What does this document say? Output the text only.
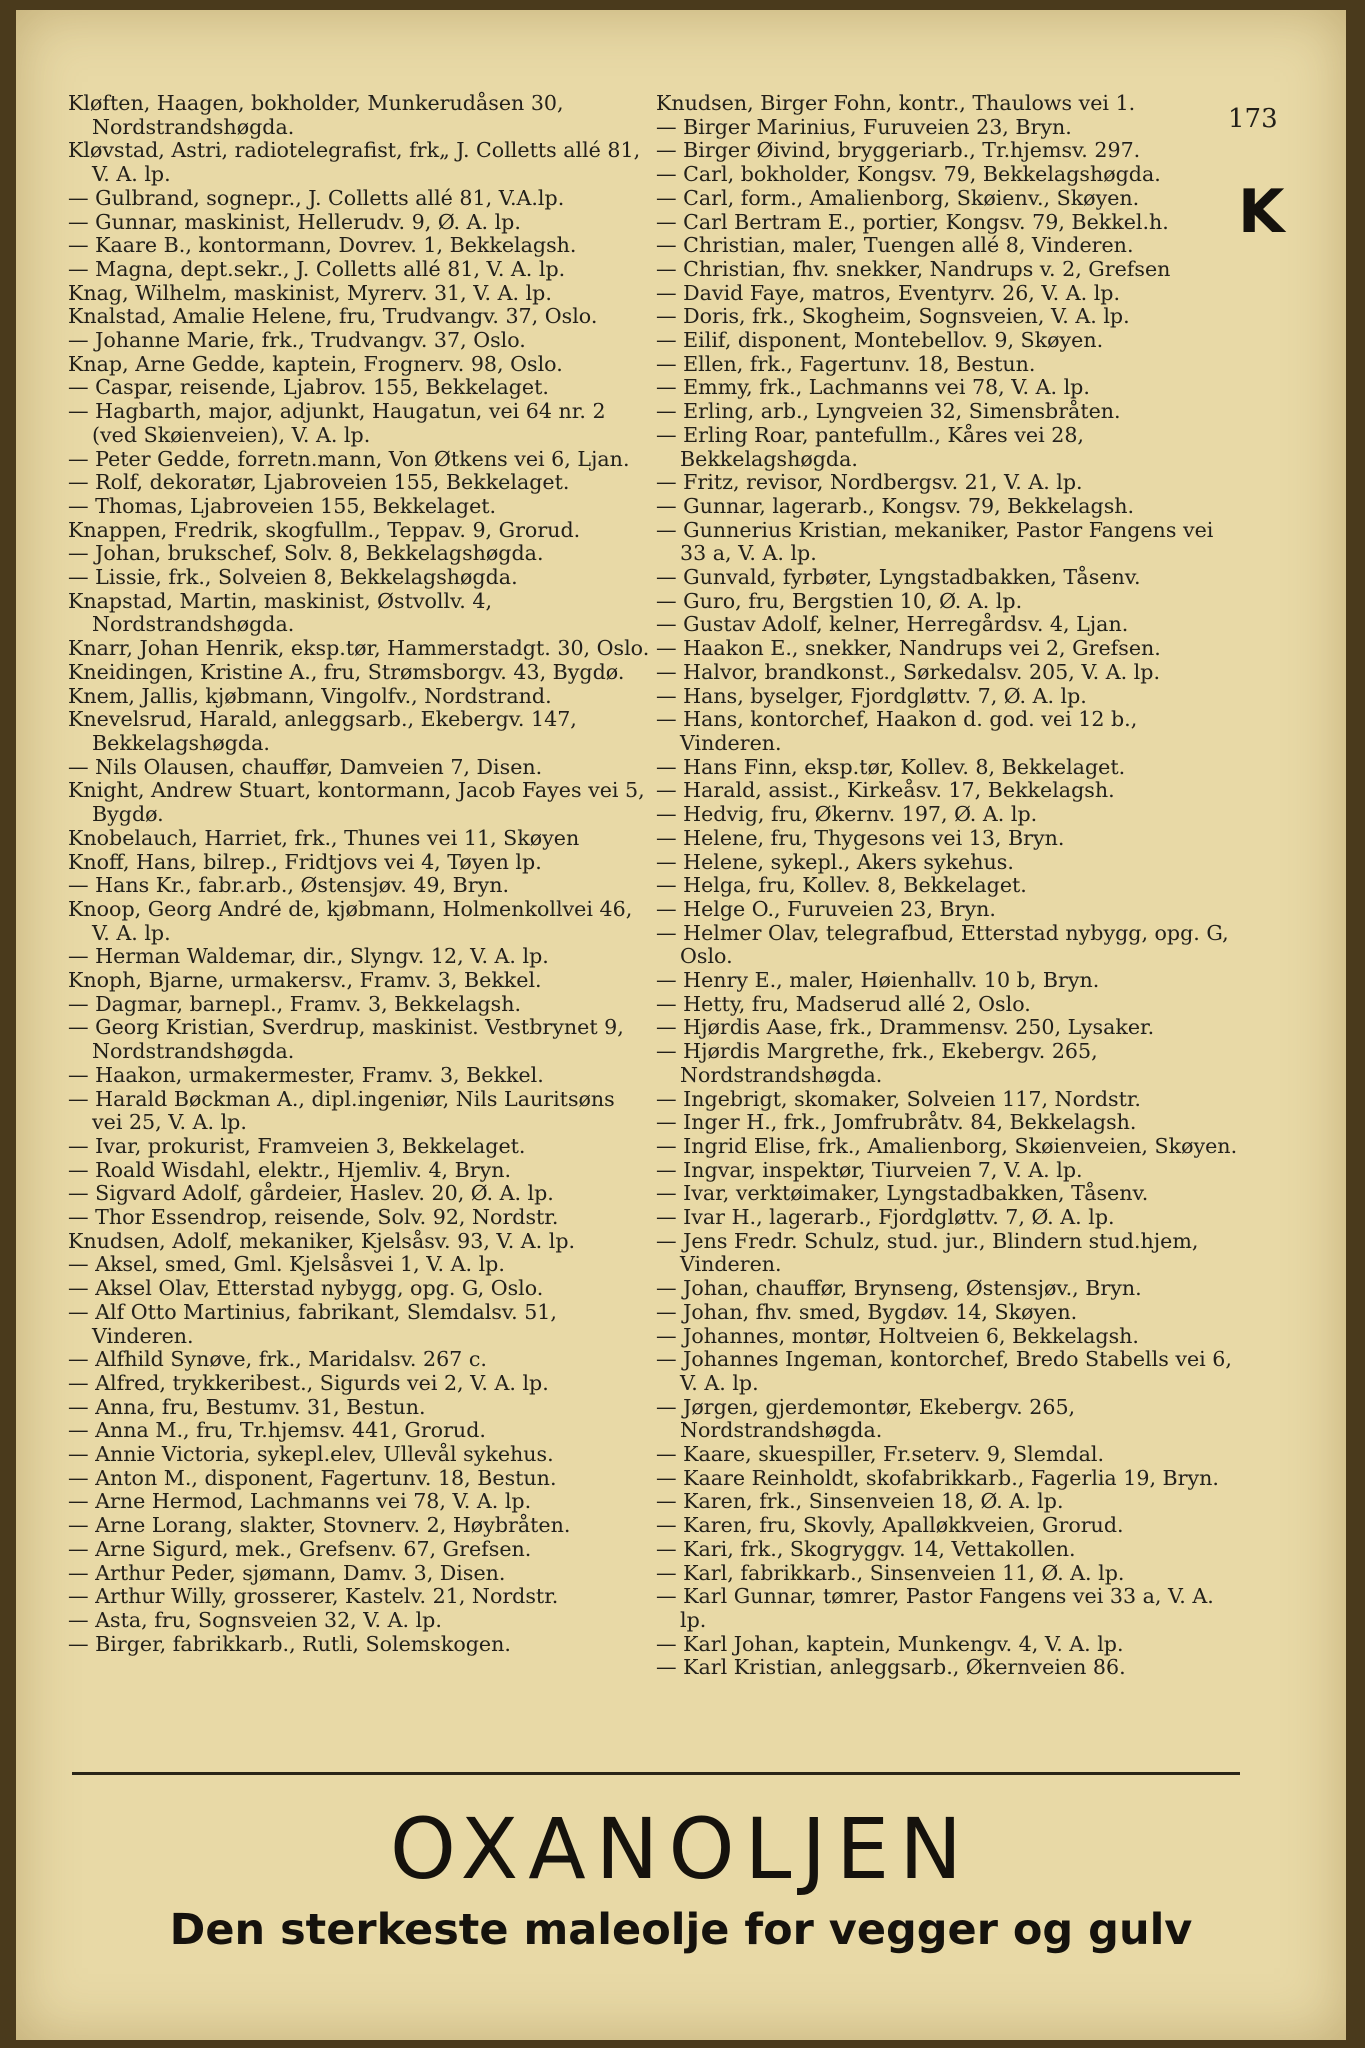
Kløften, Haagen, bokholder, Munkerudåsen 30, Nordstrandshøgda.

Kløvstad, Astri, radiotelegrafist, frk„ J. Colletts allé 81, V. A. lp.

— Gulbrand, sognepr., J. Colletts allé 81, V.A.lp.

— Gunnar, maskinist, Hellerudv. 9, Ø. A. lp.

— Kaare B., kontormann, Dovrev. 1, Bekkelagsh.

— Magna, dept.sekr., J. Colletts allé 81, V. A. lp.

Knag, Wilhelm, maskinist, Myrerv. 31, V. A. lp.

Knalstad, Amalie Helene, fru, Trudvangv. 37, Oslo.

— Johanne Marie, frk., Trudvangv. 37, Oslo.

Knap, Arne Gedde, kaptein, Frognerv. 98, Oslo.

— Caspar, reisende, Ljabrov. 155, Bekkelaget.

— Hagbarth, major, adjunkt, Haugatun, vei 64 nr. 2 (ved Skøienveien), V. A. lp.

— Peter Gedde, forretn.mann, Von Øtkens vei 6, Ljan.

— Rolf, dekoratør, Ljabroveien 155, Bekkelaget.

— Thomas, Ljabroveien 155, Bekkelaget.

Knappen, Fredrik, skogfullm., Teppav. 9, Grorud.

— Johan, brukschef, Solv. 8, Bekkelagshøgda.

— Lissie, frk., Solveien 8, Bekkelagshøgda.

Knapstad, Martin, maskinist, Østvollv. 4, Nordstrandshøgda.

Knarr, Johan Henrik, eksp.tør, Hammerstadgt. 30, Oslo.

Kneidingen, Kristine A., fru, Strømsborgv. 43, Bygdø.

Knem, Jallis, kjøbmann, Vingolfv., Nordstrand.

Knevelsrud, Harald, anleggsarb., Ekebergv. 147, Bekkelagshøgda.

— Nils Olausen, chauffør, Damveien 7, Disen.

Knight, Andrew Stuart, kontormann, Jacob Fayes vei 5, Bygdø.

Knobelauch, Harriet, frk., Thunes vei 11, Skøyen

Knoff, Hans, bilrep., Fridtjovs vei 4, Tøyen lp.

— Hans Kr., fabr.arb., Østensjøv. 49, Bryn.

Knoop, Georg André de, kjøbmann, Holmenkollvei 46, V. A. lp.

— Herman Waldemar, dir., Slyngv. 12, V. A. lp.

Knoph, Bjarne, urmakersv., Framv. 3, Bekkel.

— Dagmar, barnepl., Framv. 3, Bekkelagsh.

— Georg Kristian, Sverdrup, maskinist. Vestbrynet 9, Nordstrandshøgda.

— Haakon, urmakermester, Framv. 3, Bekkel.

— Harald Bøckman A., dipl.ingeniør, Nils Lauritsøns vei 25, V. A. lp.

— Ivar, prokurist, Framveien 3, Bekkelaget.

— Roald Wisdahl, elektr., Hjemliv. 4, Bryn.

— Sigvard Adolf, gårdeier, Haslev. 20, Ø. A. lp.

— Thor Essendrop, reisende, Solv. 92, Nordstr.

Knudsen, Adolf, mekaniker, Kjelsåsv. 93, V. A. lp.

— Aksel, smed, Gml. Kjelsåsvei 1, V. A. lp.

— Aksel Olav, Etterstad nybygg, opg. G, Oslo.

— Alf Otto Martinius, fabrikant, Slemdalsv. 51, Vinderen.

— Alfhild Synøve, frk., Maridalsv. 267 c.

— Alfred, trykkeribest., Sigurds vei 2, V. A. lp.

— Anna, fru, Bestumv. 31, Bestun.

— Anna M., fru, Tr.hjemsv. 441, Grorud.

— Annie Victoria, sykepl.elev, Ullevål sykehus.

— Anton M., disponent, Fagertunv. 18, Bestun.

— Arne Hermod, Lachmanns vei 78, V. A. lp.

— Arne Lorang, slakter, Stovnerv. 2, Høybråten.

— Arne Sigurd, mek., Grefsenv. 67, Grefsen.

— Arthur Peder, sjømann, Damv. 3, Disen.

— Arthur Willy, grosserer, Kastelv. 21, Nordstr.

— Asta, fru, Sognsveien 32, V. A. lp.

— Birger, fabrikkarb., Rutli, Solemskogen.

Knudsen, Birger Fohn, kontr., Thaulows vei 1.

— Birger Marinius, Furuveien 23, Bryn.

— Birger Øivind, bryggeriarb., Tr.hjemsv. 297.

— Carl, bokholder, Kongsv. 79, Bekkelagshøgda.

— Carl, form., Amalienborg, Skøienv., Skøyen.

— Carl Bertram E., portier, Kongsv. 79, Bekkel.h.

— Christian, maler, Tuengen allé 8, Vinderen.

— Christian, fhv. snekker, Nandrups v. 2, Grefsen

— David Faye, matros, Eventyrv. 26, V. A. lp.

— Doris, frk., Skogheim, Sognsveien, V. A. lp.

— Eilif, disponent, Montebellov. 9, Skøyen.

— Ellen, frk., Fagertunv. 18, Bestun.

— Emmy, frk., Lachmanns vei 78, V. A. lp.

— Erling, arb., Lyngveien 32, Simensbråten.

— Erling Roar, pantefullm., Kåres vei 28, Bekkelagshøgda.

— Fritz, revisor, Nordbergsv. 21, V. A. lp.

— Gunnar, lagerarb., Kongsv. 79, Bekkelagsh.

— Gunnerius Kristian, mekaniker, Pastor Fangens vei 33 a, V. A. lp.

— Gunvald, fyrbøter, Lyngstadbakken, Tåsenv.

— Guro, fru, Bergstien 10, Ø. A. lp.

— Gustav Adolf, kelner, Herregårdsv. 4, Ljan.

— Haakon E., snekker, Nandrups vei 2, Grefsen.

— Halvor, brandkonst., Sørkedalsv. 205, V. A. lp.

— Hans, byselger, Fjordgløttv. 7, Ø. A. lp.

— Hans, kontorchef, Haakon d. god. vei 12 b., Vinderen.

— Hans Finn, eksp.tør, Kollev. 8, Bekkelaget.

— Harald, assist., Kirkeåsv. 17, Bekkelagsh.

— Hedvig, fru, Økernv. 197, Ø. A. lp.

— Helene, fru, Thygesons vei 13, Bryn.

— Helene, sykepl., Akers sykehus.

— Helga, fru, Kollev. 8, Bekkelaget.

— Helge O., Furuveien 23, Bryn.

— Helmer Olav, telegrafbud, Etterstad nybygg, opg. G, Oslo.

— Henry E., maler, Høienhallv. 10 b, Bryn.

— Hetty, fru, Madserud allé 2, Oslo.

— Hjørdis Aase, frk., Drammensv. 250, Lysaker.

— Hjørdis Margrethe, frk., Ekebergv. 265, Nordstrandshøgda.

— Ingebrigt, skomaker, Solveien 117, Nordstr.

— Inger H., frk., Jomfrubråtv. 84, Bekkelagsh.

— Ingrid Elise, frk., Amalienborg, Skøienveien, Skøyen.

— Ingvar, inspektør, Tiurveien 7, V. A. lp.

— Ivar, verktøimaker, Lyngstadbakken, Tåsenv.

— Ivar H., lagerarb., Fjordgløttv. 7, Ø. A. lp.

— Jens Fredr. Schulz, stud. jur., Blindern stud.hjem, Vinderen.

— Johan, chauffør, Brynseng, Østensjøv., Bryn.

— Johan, fhv. smed, Bygdøv. 14, Skøyen.

— Johannes, montør, Holtveien 6, Bekkelagsh.

— Johannes Ingeman, kontorchef, Bredo Stabells vei 6, V. A. lp.

— Jørgen, gjerdemontør, Ekebergv. 265, Nordstrandshøgda.

— Kaare, skuespiller, Fr.seterv. 9, Slemdal.

— Kaare Reinholdt, skofabrikkarb., Fagerlia 19, Bryn.

— Karen, frk., Sinsenveien 18, Ø. A. lp.

— Karen, fru, Skovly, Apalløkkveien, Grorud.

— Kari, frk., Skogryggv. 14, Vettakollen.

— Karl, fabrikkarb., Sinsenveien 11, Ø. A. lp.

— Karl Gunnar, tømrer, Pastor Fangens vei 33 a, V. A. lp.

— Karl Johan, kaptein, Munkengv. 4, V. A. lp.

— Karl Kristian, anleggsarb., Økernveien 86.

173
K
OXANOLJEN
Den sterkeste maleolje for vegger og gulv
